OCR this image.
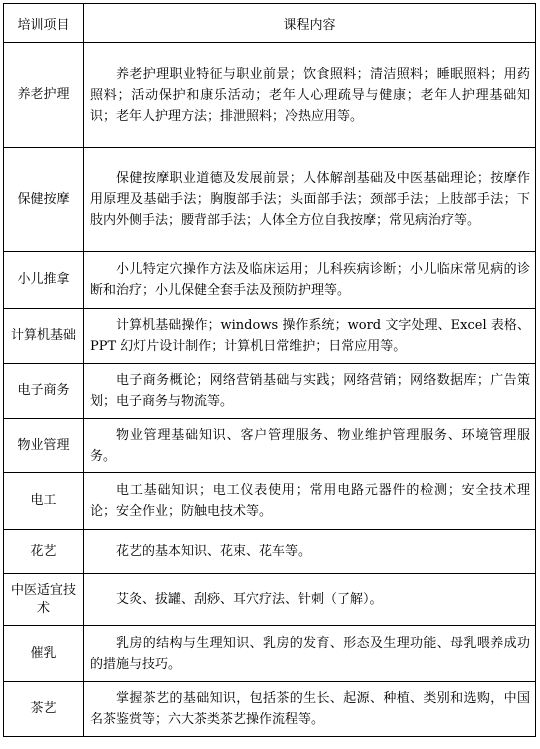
培训项目	课程内容
养老护理	养老护理职业特征与职业前景；饮食照料；清洁照料；睡眠照料；用药照料；活动保护和康乐活动；老年人心理疏导与健康；老年人护理基础知识；老年人护理方法；排泄照料；冷热应用等。
保健按摩	保健按摩职业道德及发展前景；人体解剖基础及中医基础理论；按摩作用原理及基础手法；胸腹部手法；头面部手法；颈部手法；上肢部手法；下肢内外侧手法；腰背部手法；人体全方位自我按摩；常见病治疗等。
小儿推拿	小儿特定穴操作方法及临床运用；儿科疾病诊断；小儿临床常见病的诊断和治疗；小儿保健全套手法及预防护理等。
计算机基础	计算机基础操作；windows 操作系统；word 文字处理、Excel 表格、PPT 幻灯片设计制作；计算机日常维护；日常应用等。
电子商务	电子商务概论；网络营销基础与实践；网络营销；网络数据库；广告策划；电子商务与物流等。
物业管理	物业管理基础知识、客户管理服务、物业维护管理服务、环境管理服务。
电工	电工基础知识；电工仪表使用；常用电路元器件的检测；安全技术理论；安全作业；防触电技术等。
花艺	花艺的基本知识、花束、花车等。
中医适宜技术	艾灸、拔罐、刮痧、耳穴疗法、针刺（了解）。
催乳	乳房的结构与生理知识、乳房的发育、形态及生理功能、母乳喂养成功的措施与技巧。
茶艺	掌握茶艺的基础知识，包括茶的生长、起源、种植、类别和选购，中国名茶鉴赏等；六大茶类茶艺操作流程等。
